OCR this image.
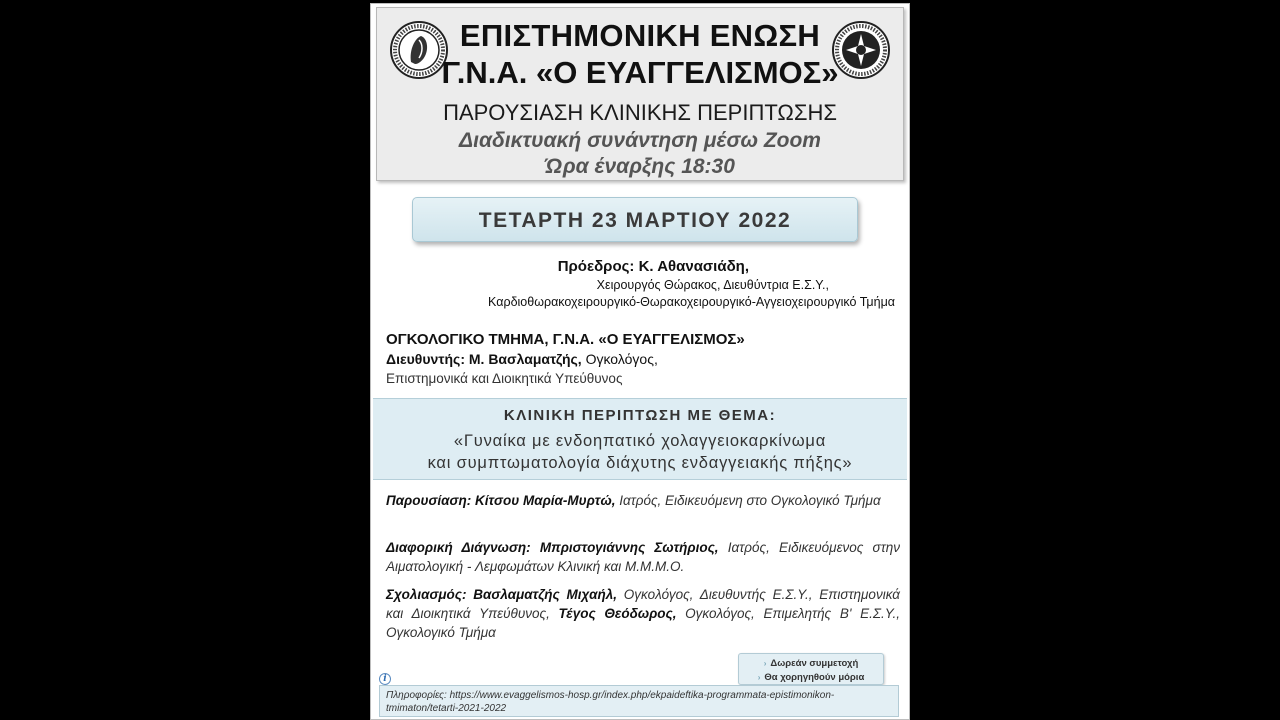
ΕΠΙΣΤΗΜΟΝΙΚΗ ΕΝΩΣΗ
Γ.Ν.Α. «Ο ΕΥΑΓΓΕΛΙΣΜΟΣ»
ΠΑΡΟΥΣΙΑΣΗ ΚΛΙΝΙΚΗΣ ΠΕΡΙΠΤΩΣΗΣ
Διαδικτυακή συνάντηση μέσω Zoom
Ώρα έναρξης 18:30
ΤΕΤΑΡΤΗ 23 ΜΑΡΤΙΟΥ 2022
Πρόεδρος: Κ. Αθανασιάδη,
Χειρουργός Θώρακος, Διευθύντρια Ε.Σ.Υ.,
Καρδιοθωρακοχειρουργικό-Θωρακοχειρουργικό-Αγγειοχειρουργικό Τμήμα
ΟΓΚΟΛΟΓΙΚΟ ΤΜΗΜΑ, Γ.Ν.Α. «Ο ΕΥΑΓΓΕΛΙΣΜΟΣ»
Διευθυντής: Μ. Βασλαματζής, Ογκολόγος,
Επιστημονικά και Διοικητικά Υπεύθυνος
ΚΛΙΝΙΚΗ ΠΕΡΙΠΤΩΣΗ ΜΕ ΘΕΜΑ:
«Γυναίκα με ενδοηπατικό χολαγγειοκαρκίνωμα
και συμπτωματολογία διάχυτης ενδαγγειακής πήξης»
Παρουσίαση: Κίτσου Μαρία-Μυρτώ, Ιατρός, Ειδικευόμενη στο Ογκολογικό Τμήμα
Διαφορική Διάγνωση: Μπριστογιάννης Σωτήριος, Ιατρός, Ειδικευόμενος στην Αιματολογική - Λεμφωμάτων Κλινική και Μ.Μ.Μ.Ο.
Σχολιασμός: Βασλαματζής Μιχαήλ, Ογκολόγος, Διευθυντής Ε.Σ.Υ., Επιστημονικά και Διοικητικά Υπεύθυνος, Τέγος Θεόδωρος, Ογκολόγος, Επιμελητής Β' Ε.Σ.Υ., Ογκολογικό Τμήμα
› Δωρεάν συμμετοχή
› Θα χορηγηθούν μόρια
i
Πληροφορίες: https://www.evaggelismos-hosp.gr/index.php/ekpaideftika-programmata-epistimonikon-tmimaton/tetarti-2021-2022
